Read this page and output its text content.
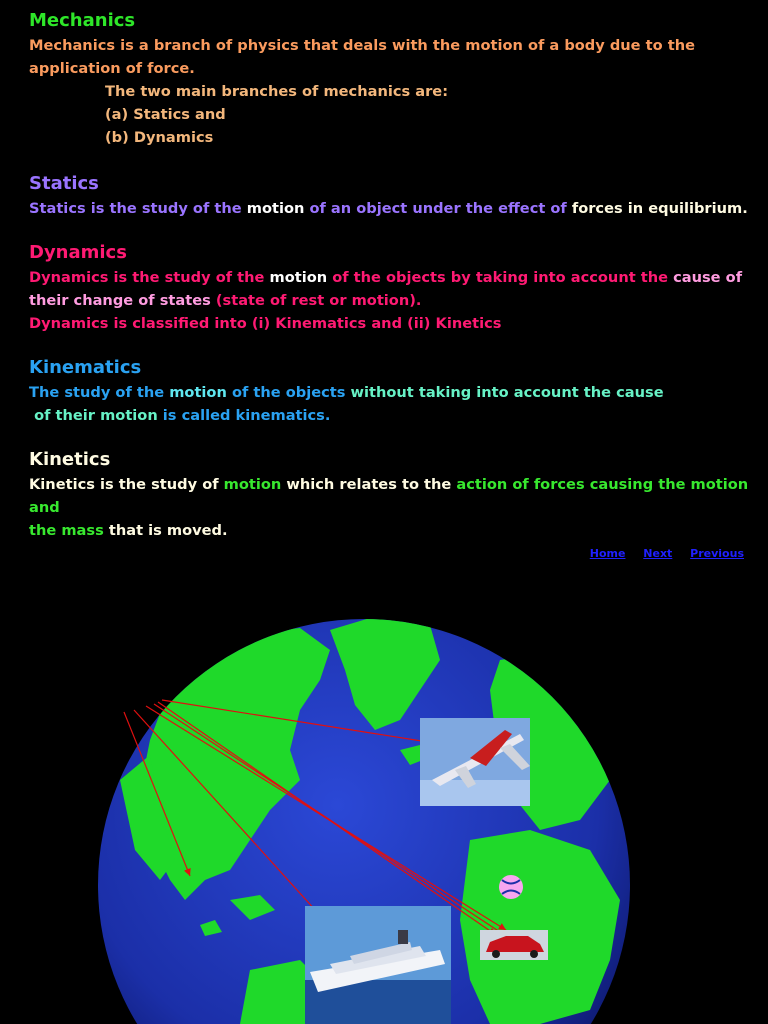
Mechanics

Mechanics is a branch of physics that deals with the motion of a body due to the

application of force.

The two main branches of mechanics are:

(a) Statics and

(b) Dynamics

Statics

Statics is the study of the motion of an object under the effect of forces in equilibrium.

Dynamics

Dynamics is the study of the motion of the objects by taking into account the cause of

their change of states (state of rest or motion).

Dynamics is classified into (i) Kinematics and (ii) Kinetics

Kinematics

The study of the motion of the objects without taking into account the cause

of their motion is called kinematics.

Kinetics

Kinetics is the study of motion which relates to the action of forces causing the motion and

the mass that is moved.

Home Next Previous
